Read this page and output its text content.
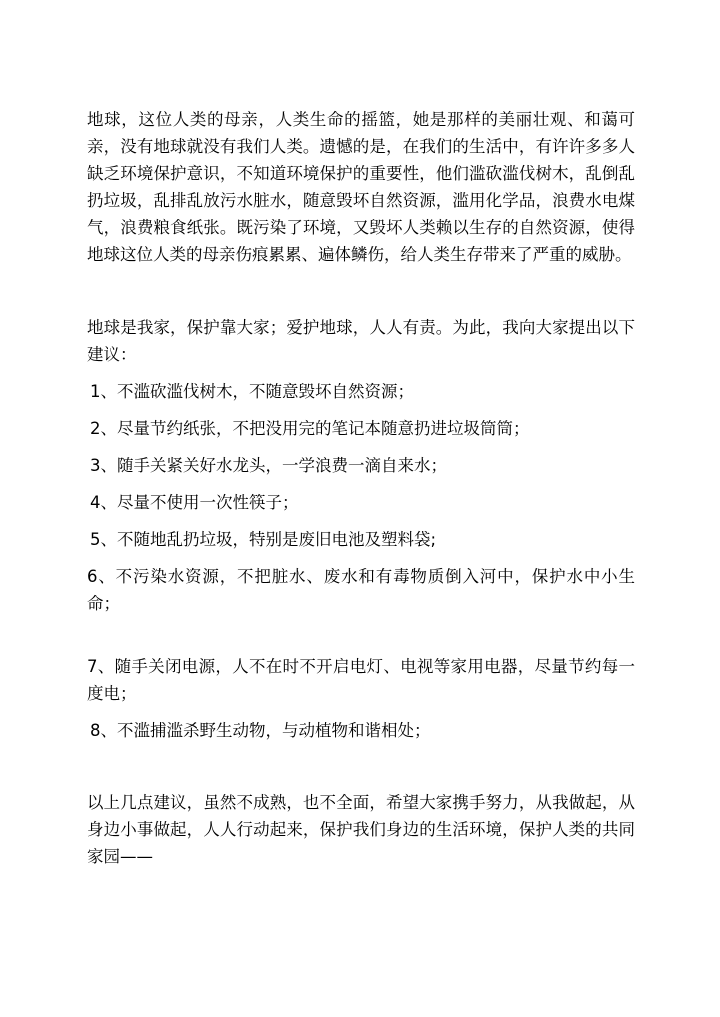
地球，这位人类的母亲，人类生命的摇篮，她是那样的美丽壮观、和蔼可亲，没有地球就没有我们人类。遗憾的是，在我们的生活中，有许许多多人缺乏环境保护意识，不知道环境保护的重要性，他们滥砍滥伐树木，乱倒乱扔垃圾，乱排乱放污水脏水，随意毁坏自然资源，滥用化学品，浪费水电煤气，浪费粮食纸张。既污染了环境，又毁坏人类赖以生存的自然资源，使得地球这位人类的母亲伤痕累累、遍体鳞伤，给人类生存带来了严重的威胁。

地球是我家，保护靠大家；爱护地球，人人有责。为此，我向大家提出以下建议：

1、不滥砍滥伐树木，不随意毁坏自然资源；

2、尽量节约纸张，不把没用完的笔记本随意扔进垃圾筒筒；

3、随手关紧关好水龙头，一学浪费一滴自来水；

4、尽量不使用一次性筷子；

5、不随地乱扔垃圾，特别是废旧电池及塑料袋;

6、不污染水资源，不把脏水、废水和有毒物质倒入河中，保护水中小生命；

7、随手关闭电源，人不在时不开启电灯、电视等家用电器，尽量节约每一度电；

8、不滥捕滥杀野生动物，与动植物和谐相处；

以上几点建议，虽然不成熟，也不全面，希望大家携手努力，从我做起，从身边小事做起，人人行动起来，保护我们身边的生活环境，保护人类的共同家园——
